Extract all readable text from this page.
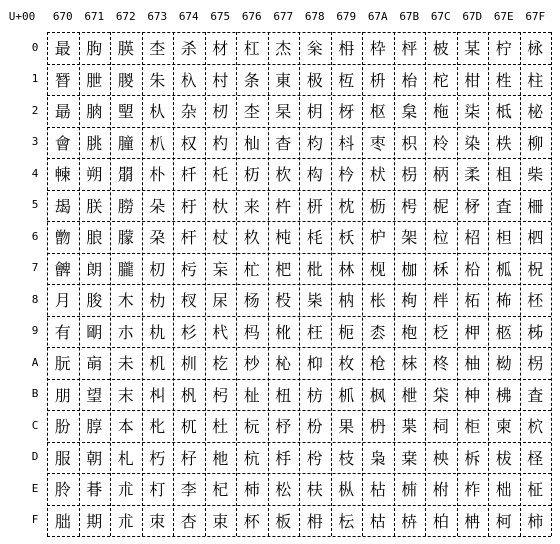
U+00	670	671	672	673	674	675	676	677	678	679	67A	67B	67C	67D	67E	67F
0	最 朐 朠 杢 杀 材 杠 杰 枀 枏 枠 枰 柀 某 柠 栐
1	朁 朑 朡 朱 杁 村 条 東 极 枑 枡 枱 柁 柑 栍 柱
2	朂 朒 朢 朲 杂 杒 杢 杲 枂 枒 枢 枲 柂 柒 柢 柲
3	會 朓 朣 朳 权 杓 杣 杳 枃 枓 枣 枳 柃 染 柣 柳
4	朄 朔 朤 朴 杄 杔 杤 杴 构 枔 枤 枴 柄 柔 柤 柴
5	朅 朕 朥 朵 杅 杕 来 杵 枅 枕 枥 枵 柅 柕 査 柵
6	朆 朖 朦 朶 杆 杖 杦 杶 枆 枖 枦 架 柆 柖 柦 柶
7	朇 朗 朧 朷 杇 杗 杧 杷 枇 林 枧 枷 柇 柗 柧 柷
8	月 朘 木 朸 杈 杘 杨 杸 枈 枘 枨 枸 柈 柘 柨 柸
9	有 朙 朩 朹 杉 杙 杩 杹 枉 枙 枩 枹 柉 柙 柩 柹
A	朊 朚 未 机 杊 杚 杪 杺 枊 枚 枪 枺 柊 柚 柪 柺
B	朋 望 末 朻 杋 杛 杫 杻 枋 枛 枫 枻 柋 柛 柫 査
C	朌 朜 本 朼 杌 杜 杬 杼 枌 果 枬 枼 柌 柜 柬 柼
D	服 朝 札 朽 杍 杝 杭 杽 枍 枝 枭 枽 柍 柝 柭 柽
E	朎 朞 朮 朾 李 杞 杮 松 枎 枞 枮 枾 柎 柞 柮 柾
F	朏 期 朮 朿 杏 束 杯 板 枏 枟 枯 枿 柏 柟 柯 柿
